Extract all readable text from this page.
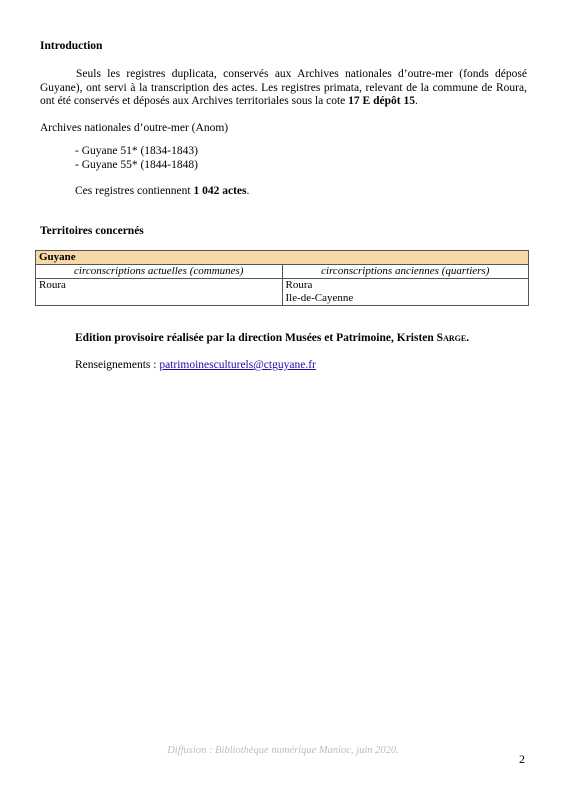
Introduction
Seuls les registres duplicata, conservés aux Archives nationales d’outre-mer (fonds déposé Guyane), ont servi à la transcription des actes. Les registres primata, relevant de la commune de Roura, ont été conservés et déposés aux Archives territoriales sous la cote 17 E dépôt 15.
Archives nationales d’outre-mer (Anom)
- Guyane 51* (1834-1843)
- Guyane 55* (1844-1848)
Ces registres contiennent 1 042 actes.
Territoires concernés
Guyane	
circonscriptions actuelles (communes)	circonscriptions anciennes (quartiers)

Roura	Roura
Ile-de-Cayenne
Edition provisoire réalisée par la direction Musées et Patrimoine, Kristen Sarge.
Renseignements : patrimoinesculturels@ctguyane.fr
Diffusion : Bibliothèque numérique Manioc, juin 2020.
2
